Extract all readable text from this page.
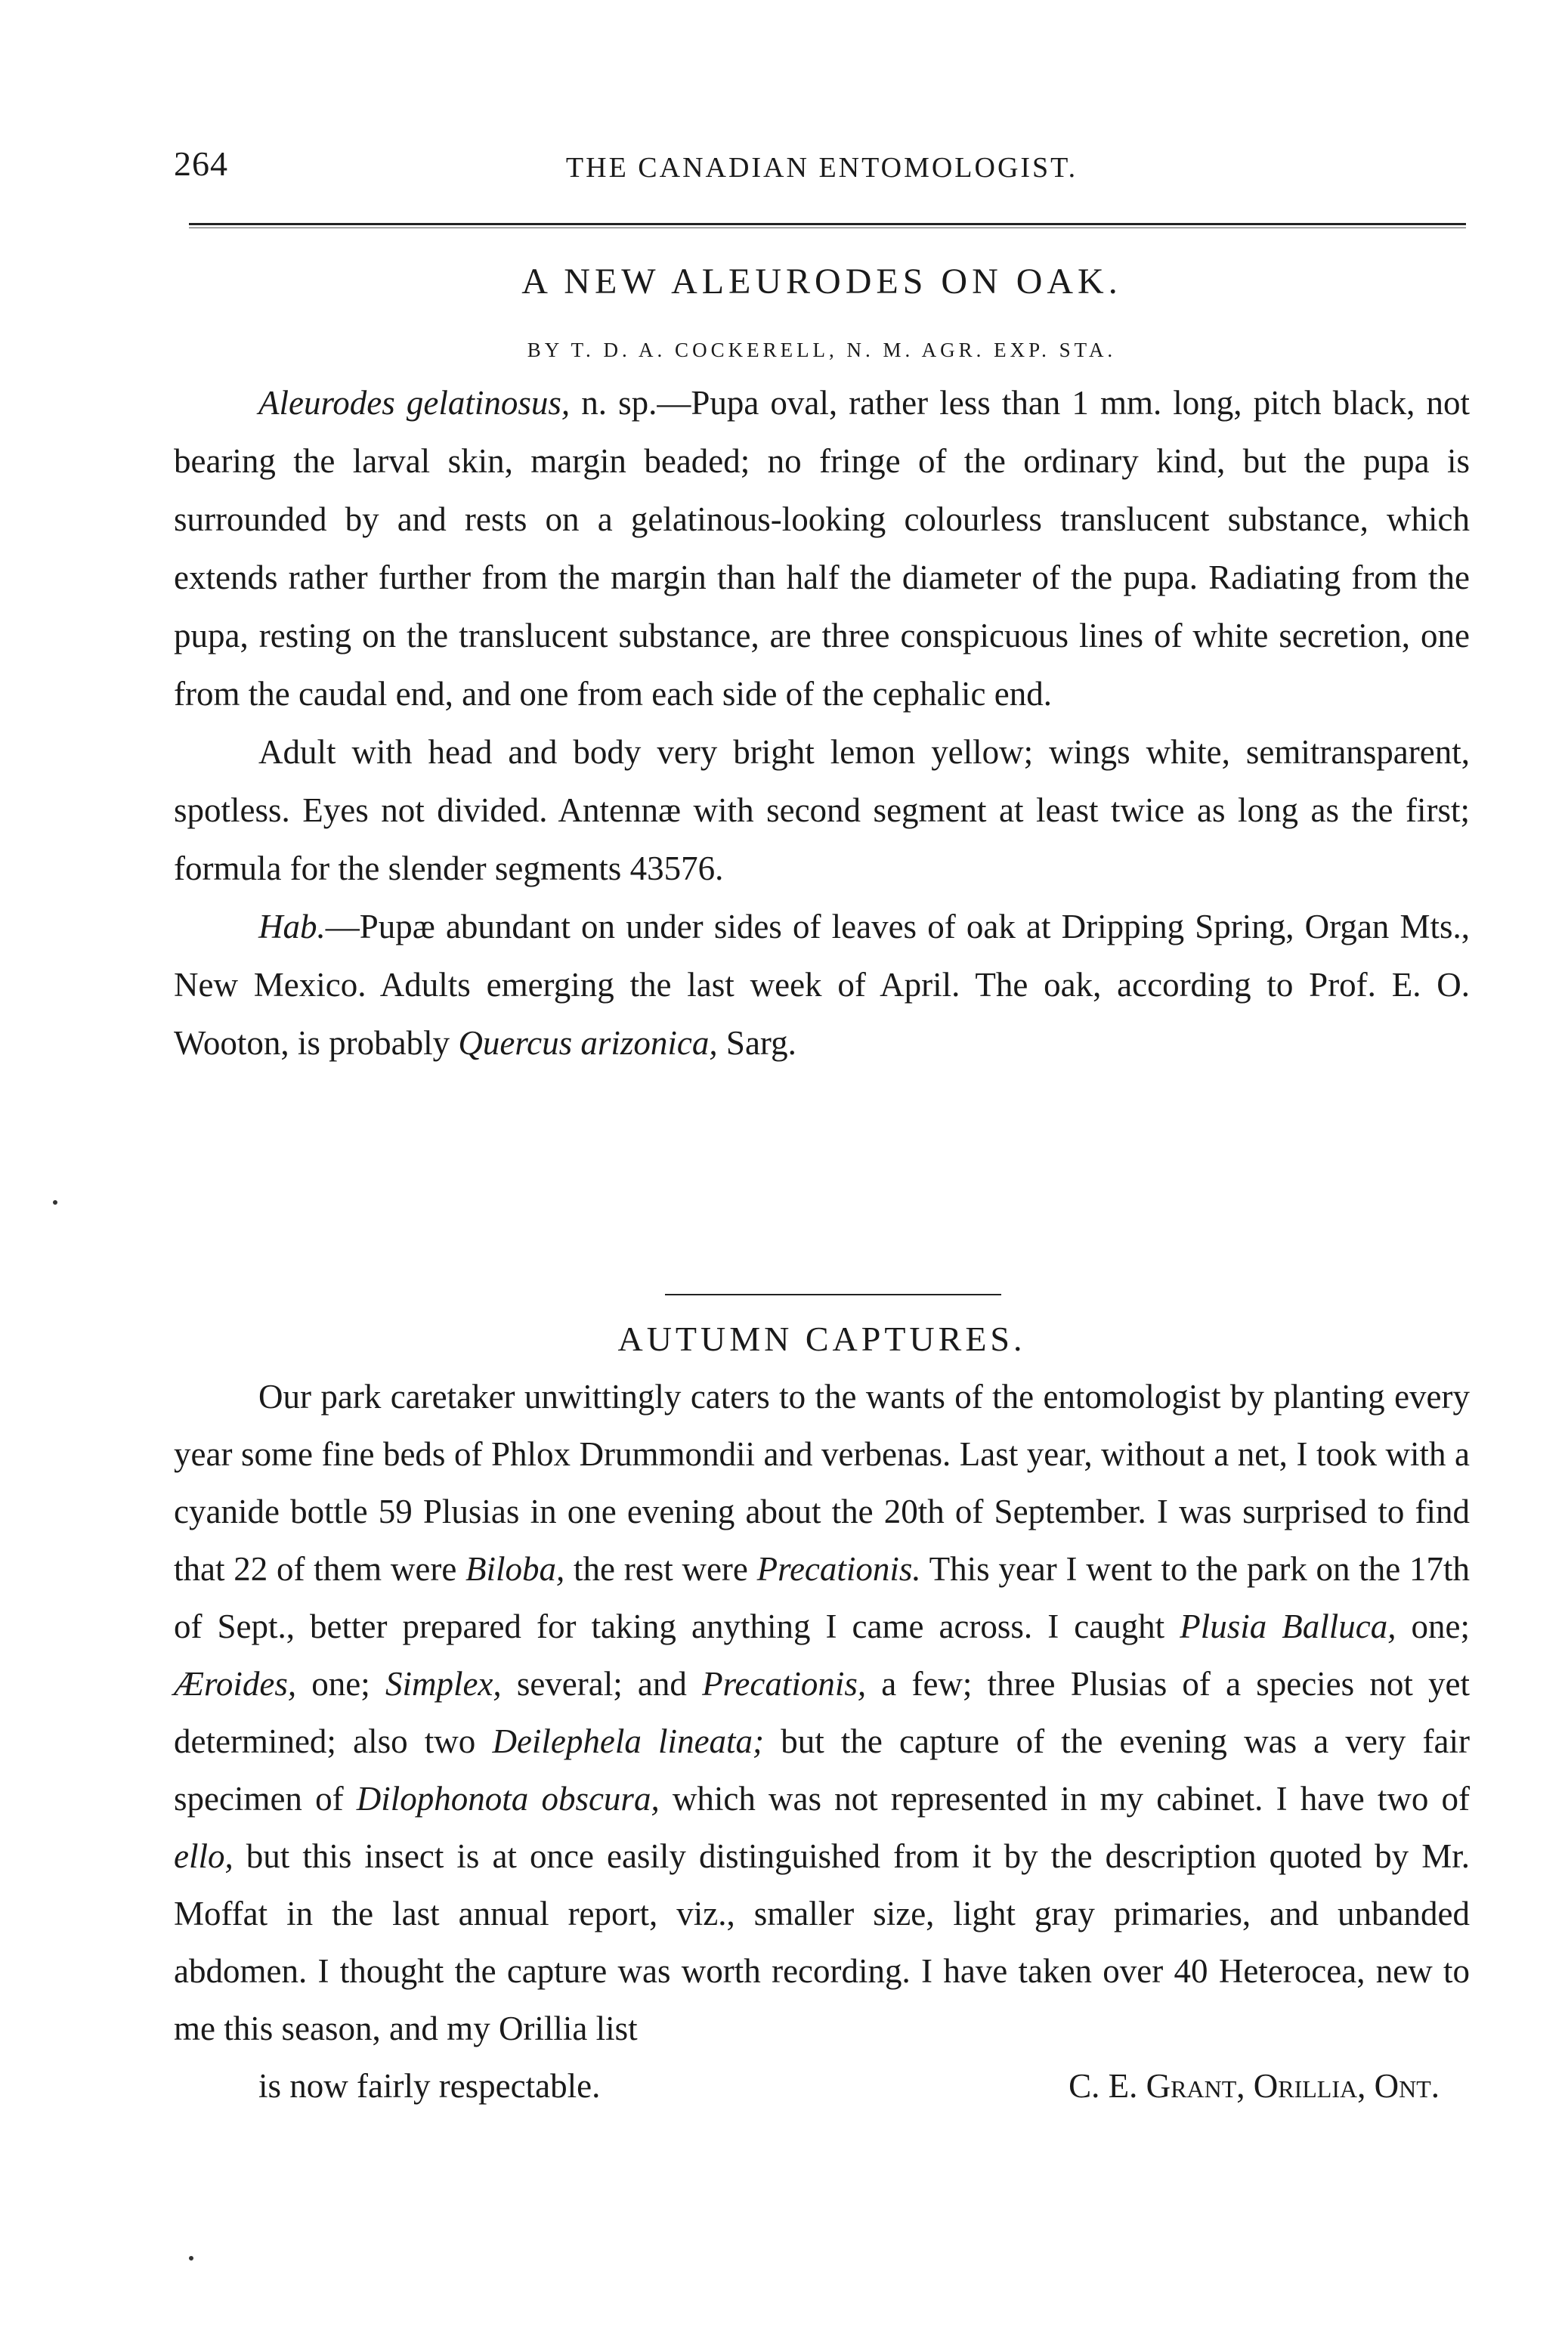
264	THE CANADIAN ENTOMOLOGIST.
A NEW ALEURODES ON OAK.
BY T. D. A. COCKERELL, N. M. AGR. EXP. STA.

Aleurodes gelatinosus, n. sp.—Pupa oval, rather less than 1 mm. long, pitch black, not bearing the larval skin, margin beaded; no fringe of the ordinary kind, but the pupa is surrounded by and rests on a gelatinous-looking colourless translucent substance, which extends rather further from the margin than half the diameter of the pupa. Radiating from the pupa, resting on the translucent substance, are three conspicuous lines of white secretion, one from the caudal end, and one from each side of the cephalic end.

Adult with head and body very bright lemon yellow; wings white, semitransparent, spotless. Eyes not divided. Antennæ with second segment at least twice as long as the first; formula for the slender segments 43576.

Hab.—Pupæ abundant on under sides of leaves of oak at Dripping Spring, Organ Mts., New Mexico. Adults emerging the last week of April. The oak, according to Prof. E. O. Wooton, is probably Quercus arizonica, Sarg.

AUTUMN CAPTURES.

Our park caretaker unwittingly caters to the wants of the entomologist by planting every year some fine beds of Phlox Drummondii and verbenas. Last year, without a net, I took with a cyanide bottle 59 Plusias in one evening about the 20th of September. I was surprised to find that 22 of them were Biloba, the rest were Precationis. This year I went to the park on the 17th of Sept., better prepared for taking anything I came across. I caught Plusia Balluca, one; Æroides, one; Simplex, several; and Precationis, a few; three Plusias of a species not yet determined; also two Deilephela lineata; but the capture of the evening was a very fair specimen of Dilophonota obscura, which was not represented in my cabinet. I have two of ello, but this insect is at once easily distinguished from it by the description quoted by Mr. Moffat in the last annual report, viz., smaller size, light gray primaries, and unbanded abdomen. I thought the capture was worth recording. I have taken over 40 Heterocea, new to me this season, and my Orillia list

is now fairly respectable.	C. E. Grant, Orillia, Ont.
